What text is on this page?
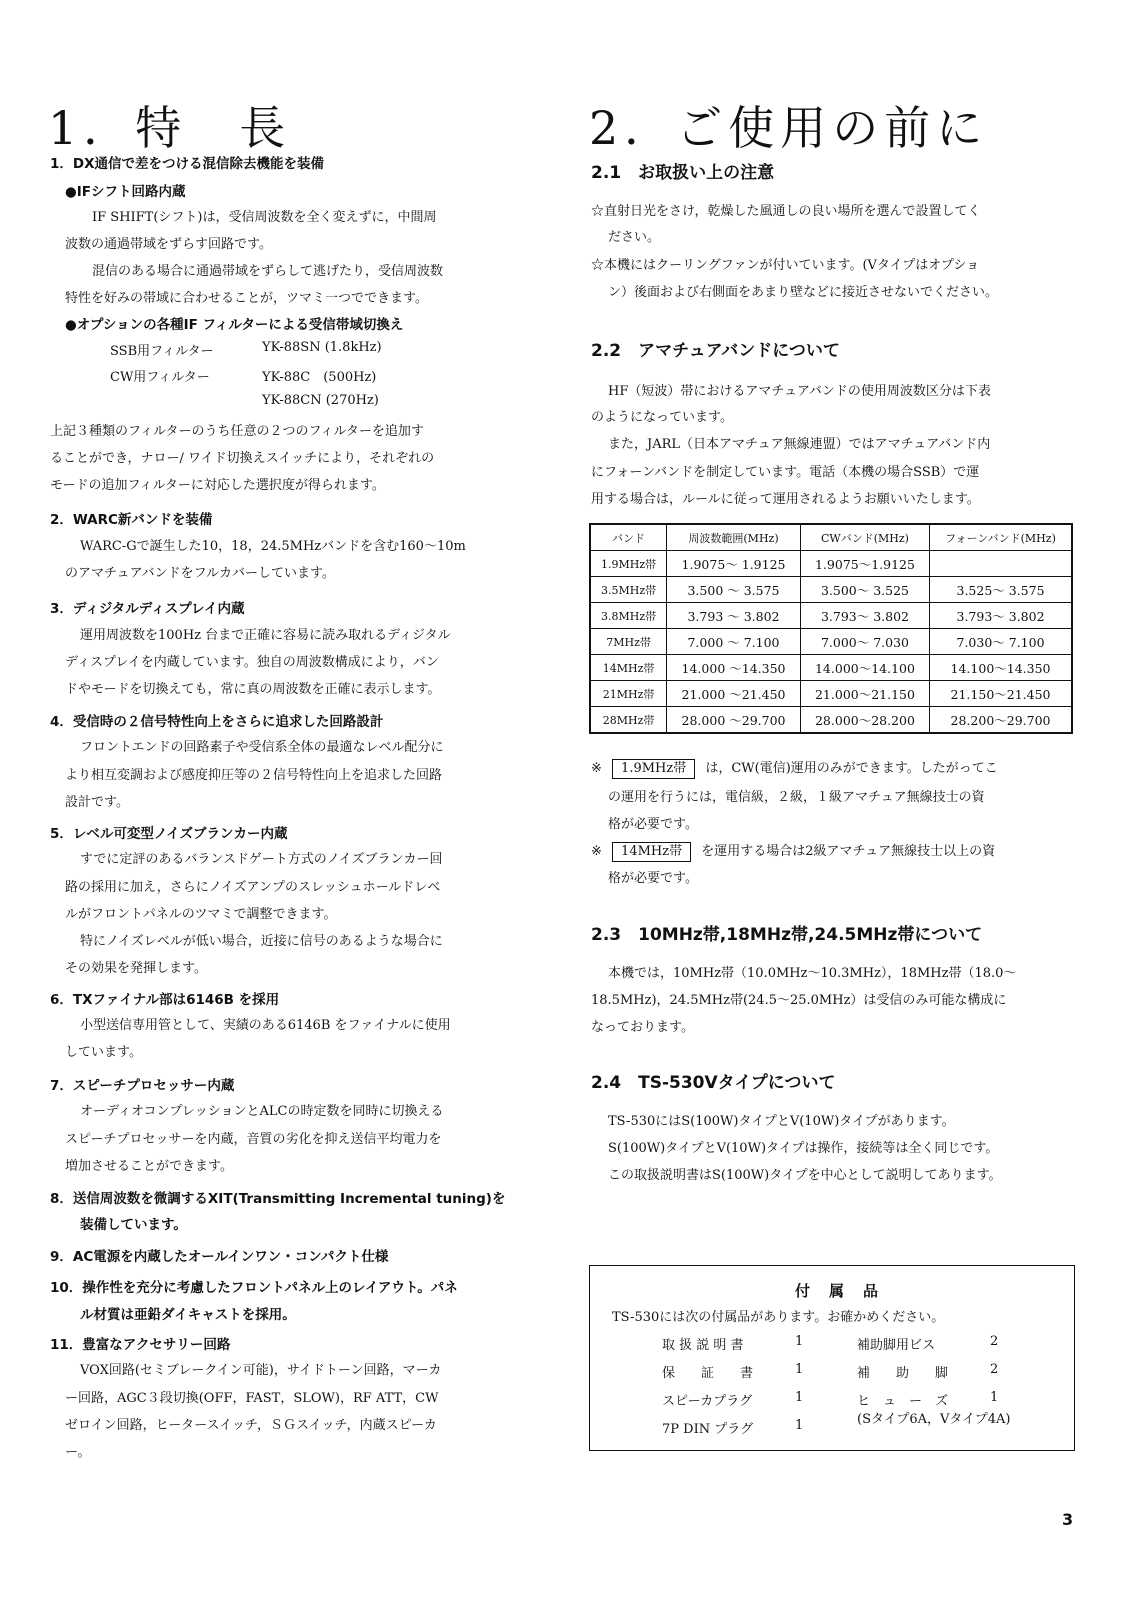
1．特　長
1．DX通信で差をつける混信除去機能を装備
●IFシフト回路内蔵
IF SHIFT(シフト)は，受信周波数を全く変えずに，中間周
波数の通過帯域をずらす回路です。
混信のある場合に通過帯域をずらして逃げたり，受信周波数
特性を好みの帯域に合わせることが，ツマミ一つでできます。
●オプションの各種IF フィルターによる受信帯域切換え
SSB用フィルター	YK-88SN (1.8kHz)
CW用フィルター	YK-88C　(500Hz)
YK-88CN (270Hz)
上記３種類のフィルターのうち任意の２つのフィルターを追加す
ることができ，ナロー/ ワイド切換えスイッチにより，それぞれの
モードの追加フィルターに対応した選択度が得られます。
2．WARC新バンドを装備
WARC-Gで誕生した10，18，24.5MHzバンドを含む160～10m
のアマチュアバンドをフルカバーしています。
3．ディジタルディスプレイ内蔵
運用周波数を100Hz 台まで正確に容易に読み取れるディジタル
ディスプレイを内蔵しています。独自の周波数構成により，バン
ドやモードを切換えても，常に真の周波数を正確に表示します。
4．受信時の２信号特性向上をさらに追求した回路設計
フロントエンドの回路素子や受信系全体の最適なレベル配分に
より相互変調および感度抑圧等の２信号特性向上を追求した回路
設計です。
5．レベル可変型ノイズブランカー内蔵
すでに定評のあるバランスドゲート方式のノイズブランカー回
路の採用に加え，さらにノイズアンプのスレッシュホールドレベ
ルがフロントパネルのツマミで調整できます。
特にノイズレベルが低い場合，近接に信号のあるような場合に
その効果を発揮します。
6．TXファイナル部は6146B を採用
小型送信専用管として、実績のある6146B をファイナルに使用
しています。
7．スピーチプロセッサー内蔵
オーディオコンプレッションとALCの時定数を同時に切換える
スピーチプロセッサーを内蔵，音質の劣化を抑え送信平均電力を
増加させることができます。
8．送信周波数を微調するXIT(Transmitting Incremental tuning)を
装備しています。
9．AC電源を内蔵したオールインワン・コンパクト仕様
10．操作性を充分に考慮したフロントパネル上のレイアウト。パネ
ル材質は亜鉛ダイキャストを採用。
11．豊富なアクセサリー回路
VOX回路(セミブレークイン可能)，サイドトーン回路，マーカ
ー回路，AGC３段切換(OFF，FAST，SLOW)，RF ATT，CW
ゼロイン回路，ヒータースイッチ，ＳＧスイッチ，内蔵スピーカ
ー。
2．ご使用の前に
2.1　お取扱い上の注意
☆直射日光をさけ，乾燥した風通しの良い場所を選んで設置してく
ださい。
☆本機にはクーリングファンが付いています。(Vタイプはオプショ
ン）後面および右側面をあまり壁などに接近させないでください。
2.2　アマチュアバンドについて
HF（短波）帯におけるアマチュアバンドの使用周波数区分は下表
のようになっています。
また，JARL（日本アマチュア無線連盟）ではアマチュアバンド内
にフォーンバンドを制定しています。電話（本機の場合SSB）で運
用する場合は，ルールに従って運用されるようお願いいたします。
バンド	周波数範囲(MHz)	CWバンド(MHz)	フォーンバンド(MHz)
1.9MHz帯	1.9075～ 1.9125	1.9075～1.9125	
3.5MHz帯	3.500 ～ 3.575	3.500～ 3.525	3.525～ 3.575
3.8MHz帯	3.793 ～ 3.802	3.793～ 3.802	3.793～ 3.802
7MHz帯	7.000 ～ 7.100	7.000～ 7.030	7.030～ 7.100
14MHz帯	14.000 ～14.350	14.000～14.100	14.100～14.350
21MHz帯	21.000 ～21.450	21.000～21.150	21.150～21.450
28MHz帯	28.000 ～29.700	28.000～28.200	28.200～29.700
※ 1.9MHz帯 は，CW(電信)運用のみができます。したがってこ
の運用を行うには，電信級，２級，１級アマチュア無線技士の資
格が必要です。
※ 14MHz帯 を運用する場合は2級アマチュア無線技士以上の資
格が必要です。
2.3　10MHz帯,18MHz帯,24.5MHz帯について
本機では，10MHz帯（10.0MHz～10.3MHz），18MHz帯（18.0～
18.5MHz)，24.5MHz帯(24.5～25.0MHz）は受信のみ可能な構成に
なっております。
2.4　TS-530Vタイプについて
TS-530にはS(100W)タイプとV(10W)タイプがあります。
S(100W)タイプとV(10W)タイプは操作，接続等は全く同じです。
この取扱説明書はS(100W)タイプを中心として説明してあります。
付　属　品
TS-530には次の付属品があります。お確かめください。
取 扱 説 明 書	1
保　　証　　書	1
スピーカプラグ	1
7P DIN プラグ	1
補助脚用ビス	2
補　　助　　脚	2
ヒ　ュ　ー　ズ	1
(Sタイプ6A，Vタイプ4A)
3
